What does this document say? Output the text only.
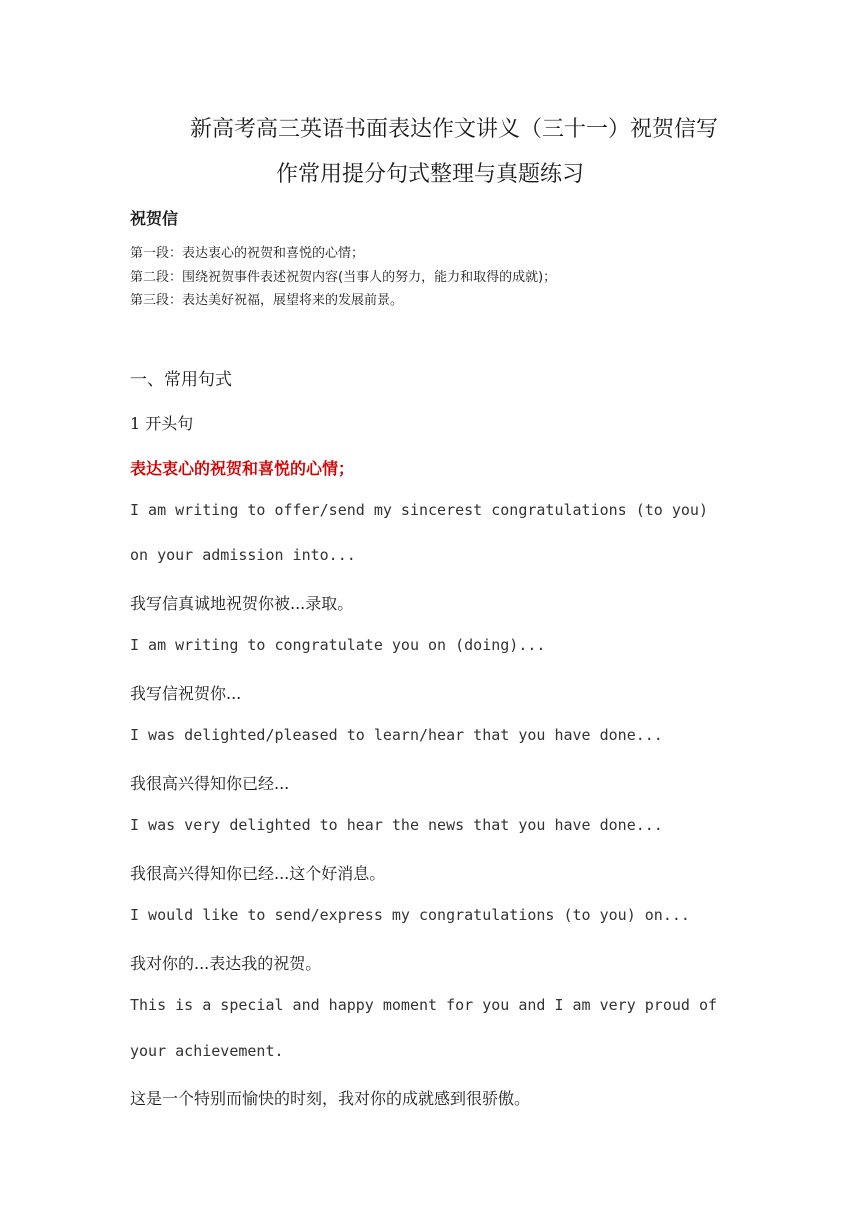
新高考高三英语书面表达作文讲义（三十一）祝贺信写
作常用提分句式整理与真题练习
祝贺信
第一段：表达衷心的祝贺和喜悦的心情；
第二段：围绕祝贺事件表述祝贺内容(当事人的努力，能力和取得的成就)；
第三段：表达美好祝福，展望将来的发展前景。
一、常用句式
1 开头句
表达衷心的祝贺和喜悦的心情；
I am writing to offer/send my sincerest congratulations (to you)
on your admission into...
我写信真诚地祝贺你被...录取。
I am writing to congratulate you on (doing)...
我写信祝贺你...
I was delighted/pleased to learn/hear that you have done...
我很高兴得知你已经...
I was very delighted to hear the news that you have done...
我很高兴得知你已经...这个好消息。
I would like to send/express my congratulations (to you) on...
我对你的...表达我的祝贺。
This is a special and happy moment for you and I am very proud of
your achievement.
这是一个特别而愉快的时刻，我对你的成就感到很骄傲。
